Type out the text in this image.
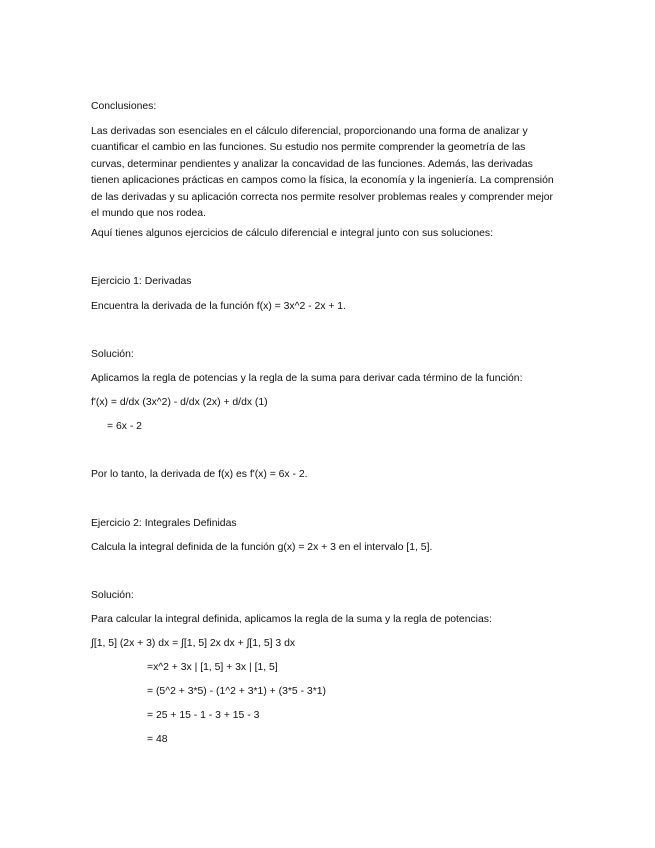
Conclusiones:
Las derivadas son esenciales en el cálculo diferencial, proporcionando una forma de analizar y cuantificar el cambio en las funciones. Su estudio nos permite comprender la geometría de las curvas, determinar pendientes y analizar la concavidad de las funciones. Además, las derivadas tienen aplicaciones prácticas en campos como la física, la economía y la ingeniería. La comprensión de las derivadas y su aplicación correcta nos permite resolver problemas reales y comprender mejor el mundo que nos rodea.
Aquí tienes algunos ejercicios de cálculo diferencial e integral junto con sus soluciones:
Ejercicio 1: Derivadas
Encuentra la derivada de la función f(x) = 3x^2 - 2x + 1.
Solución:
Aplicamos la regla de potencias y la regla de la suma para derivar cada término de la función:
f'(x) = d/dx (3x^2) - d/dx (2x) + d/dx (1)
= 6x - 2
Por lo tanto, la derivada de f(x) es f'(x) = 6x - 2.
Ejercicio 2: Integrales Definidas
Calcula la integral definida de la función g(x) = 2x + 3 en el intervalo [1, 5].
Solución:
Para calcular la integral definida, aplicamos la regla de la suma y la regla de potencias:
∫[1, 5] (2x + 3) dx = ∫[1, 5] 2x dx + ∫[1, 5] 3 dx
=x^2 + 3x | [1, 5] + 3x | [1, 5]
= (5^2 + 3*5) - (1^2 + 3*1) + (3*5 - 3*1)
= 25 + 15 - 1 - 3 + 15 - 3
= 48
